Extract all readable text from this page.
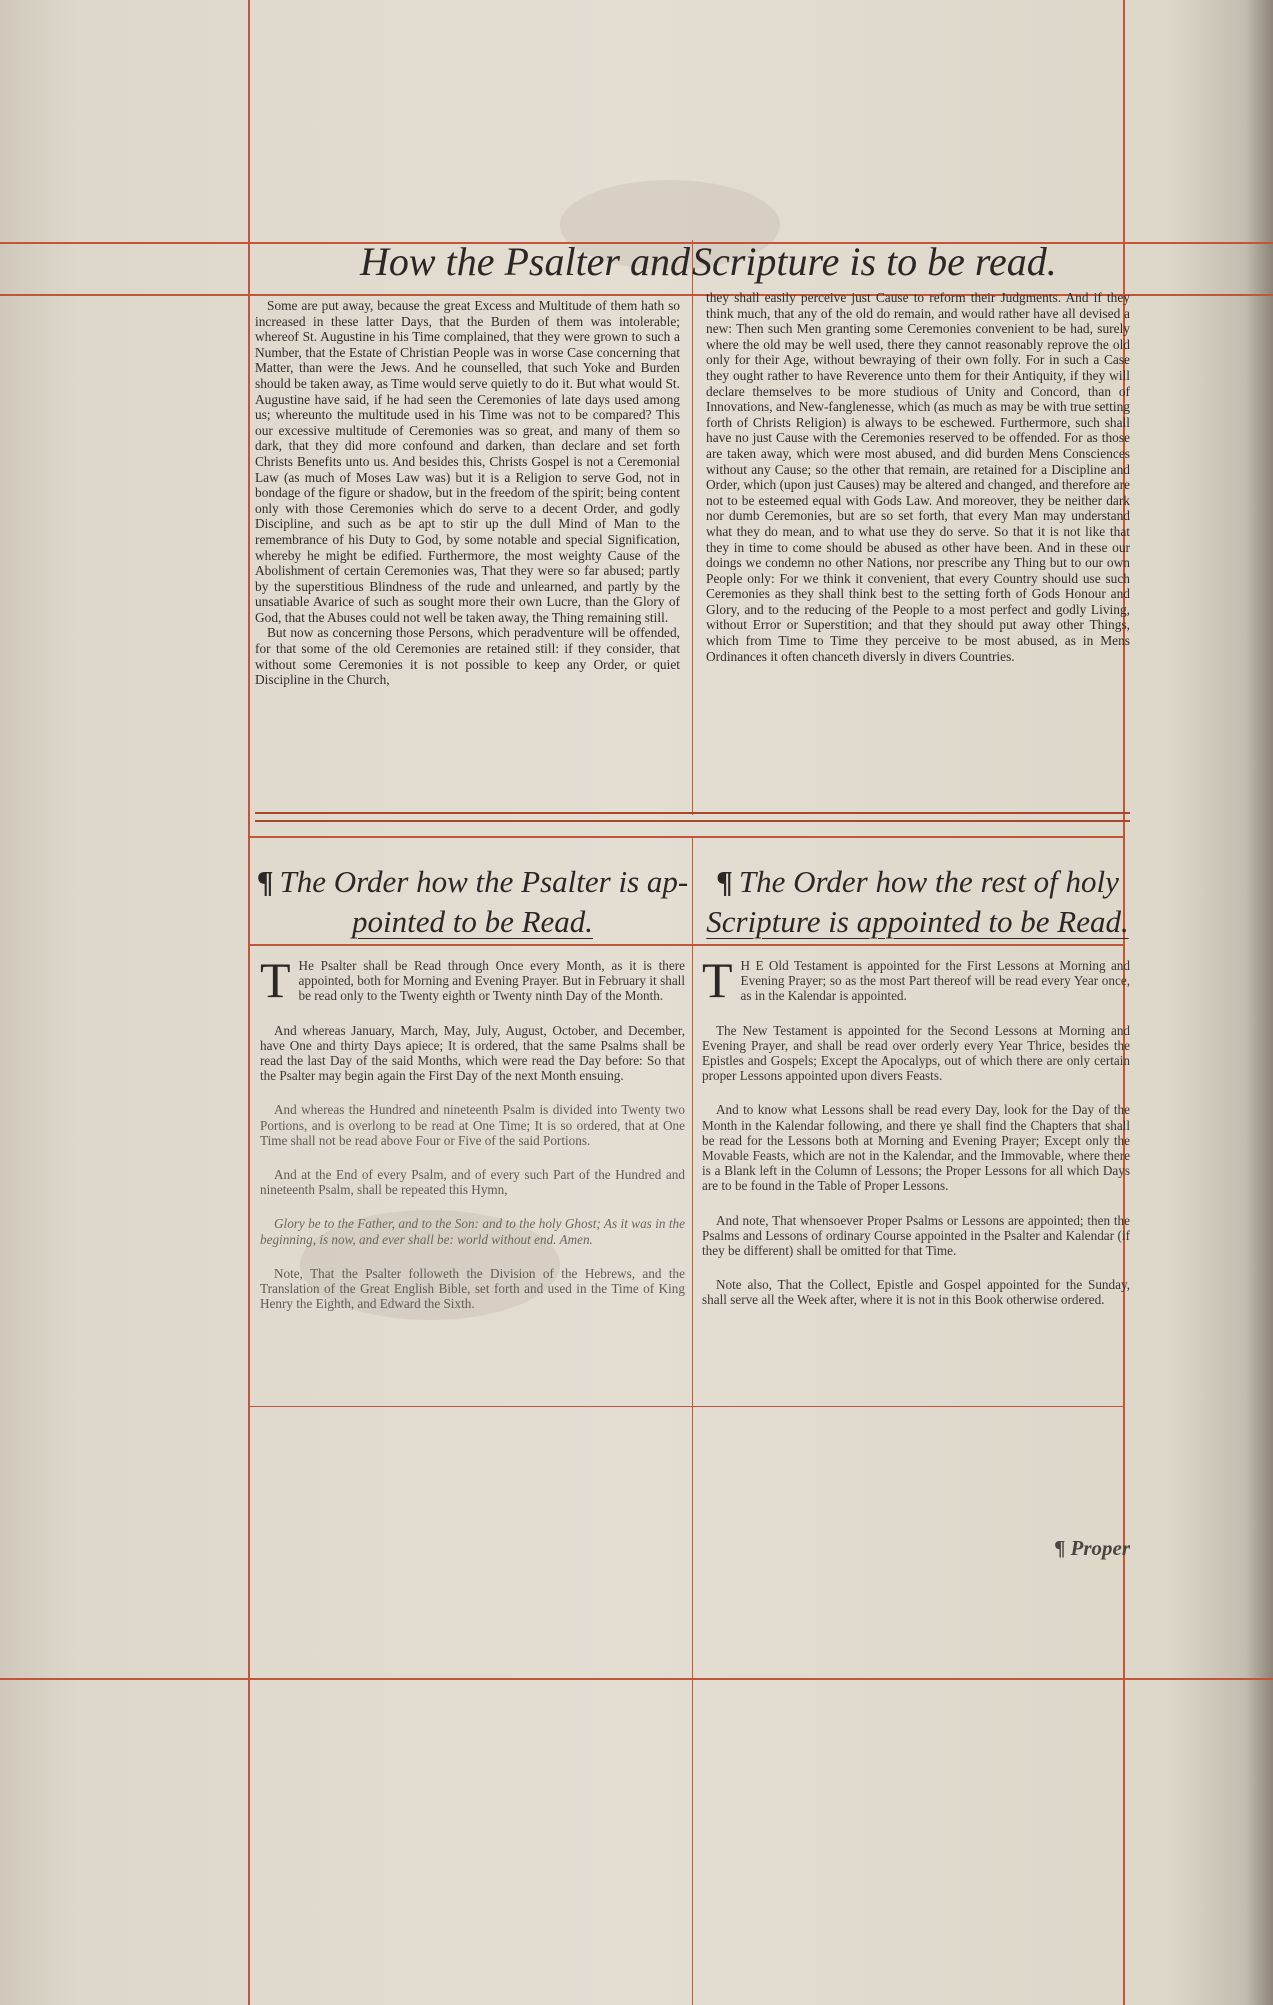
How the Psalter and Scripture is to be read.

Some are put away, because the great Excess and Multitude of them hath so increased in these latter Days, that the Burden of them was intolerable; whereof St. Augustine in his Time complained, that they were grown to such a Number, that the Estate of Christian People was in worse Case concerning that Matter, than were the Jews. And he counselled, that such Yoke and Burden should be taken away, as Time would serve quietly to do it. But what would St. Augustine have said, if he had seen the Ceremonies of late days used among us; whereunto the multitude used in his Time was not to be compared? This our excessive multitude of Ceremonies was so great, and many of them so dark, that they did more confound and darken, than declare and set forth Christs Benefits unto us. And besides this, Christs Gospel is not a Ceremonial Law (as much of Moses Law was) but it is a Religion to serve God, not in bondage of the figure or shadow, but in the freedom of the spirit; being content only with those Ceremonies which do serve to a decent Order, and godly Discipline, and such as be apt to stir up the dull Mind of Man to the remembrance of his Duty to God, by some notable and special Signification, whereby he might be edified. Furthermore, the most weighty Cause of the Abolishment of certain Ceremonies was, That they were so far abused; partly by the superstitious Blindness of the rude and unlearned, and partly by the unsatiable Avarice of such as sought more their own Lucre, than the Glory of God, that the Abuses could not well be taken away, the Thing remaining still.

But now as concerning those Persons, which peradventure will be offended, for that some of the old Ceremonies are retained still: if they consider, that without some Ceremonies it is not possible to keep any Order, or quiet Discipline in the Church,

they shall easily perceive just Cause to reform their Judgments. And if they think much, that any of the old do remain, and would rather have all devised a new: Then such Men granting some Ceremonies convenient to be had, surely where the old may be well used, there they cannot reasonably reprove the old only for their Age, without bewraying of their own folly. For in such a Case they ought rather to have Reverence unto them for their Antiquity, if they will declare themselves to be more studious of Unity and Concord, than of Innovations, and New-fanglenesse, which (as much as may be with true setting forth of Christs Religion) is always to be eschewed. Furthermore, such shall have no just Cause with the Ceremonies reserved to be offended. For as those are taken away, which were most abused, and did burden Mens Consciences without any Cause; so the other that remain, are retained for a Discipline and Order, which (upon just Causes) may be altered and changed, and therefore are not to be esteemed equal with Gods Law. And moreover, they be neither dark nor dumb Ceremonies, but are so set forth, that every Man may understand what they do mean, and to what use they do serve. So that it is not like that they in time to come should be abused as other have been. And in these our doings we condemn no other Nations, nor prescribe any Thing but to our own People only: For we think it convenient, that every Country should use such Ceremonies as they shall think best to the setting forth of Gods Honour and Glory, and to the reducing of the People to a most perfect and godly Living, without Error or Superstition; and that they should put away other Things, which from Time to Time they perceive to be most abused, as in Mens Ordinances it often chanceth diversly in divers Countries.

¶ The Order how the Psalter is ap-
pointed to be Read.
¶ The Order how the rest of holy
Scripture is appointed to be Read.

T He Psalter shall be Read through Once every Month, as it is there appointed, both for Morning and Evening Prayer. But in February it shall be read only to the Twenty eighth or Twenty ninth Day of the Month.

And whereas January, March, May, July, August, October, and December, have One and thirty Days apiece; It is ordered, that the same Psalms shall be read the last Day of the said Months, which were read the Day before: So that the Psalter may begin again the First Day of the next Month ensuing.

And whereas the Hundred and nineteenth Psalm is divided into Twenty two Portions, and is overlong to be read at One Time; It is so ordered, that at One Time shall not be read above Four or Five of the said Portions.

And at the End of every Psalm, and of every such Part of the Hundred and nineteenth Psalm, shall be repeated this Hymn,

Glory be to the Father, and to the Son: and to the holy Ghost; As it was in the beginning, is now, and ever shall be: world without end. Amen.

Note, That the Psalter followeth the Division of the Hebrews, and the Translation of the Great English Bible, set forth and used in the Time of King Henry the Eighth, and Edward the Sixth.

T H E Old Testament is appointed for the First Lessons at Morning and Evening Prayer; so as the most Part thereof will be read every Year once, as in the Kalendar is appointed.

The New Testament is appointed for the Second Lessons at Morning and Evening Prayer, and shall be read over orderly every Year Thrice, besides the Epistles and Gospels; Except the Apocalyps, out of which there are only certain proper Lessons appointed upon divers Feasts.

And to know what Lessons shall be read every Day, look for the Day of the Month in the Kalendar following, and there ye shall find the Chapters that shall be read for the Lessons both at Morning and Evening Prayer; Except only the Movable Feasts, which are not in the Kalendar, and the Immovable, where there is a Blank left in the Column of Lessons; the Proper Lessons for all which Days are to be found in the Table of Proper Lessons.

And note, That whensoever Proper Psalms or Lessons are appointed; then the Psalms and Lessons of ordinary Course appointed in the Psalter and Kalendar (if they be different) shall be omitted for that Time.

Note also, That the Collect, Epistle and Gospel appointed for the Sunday, shall serve all the Week after, where it is not in this Book otherwise ordered.

¶ Proper
